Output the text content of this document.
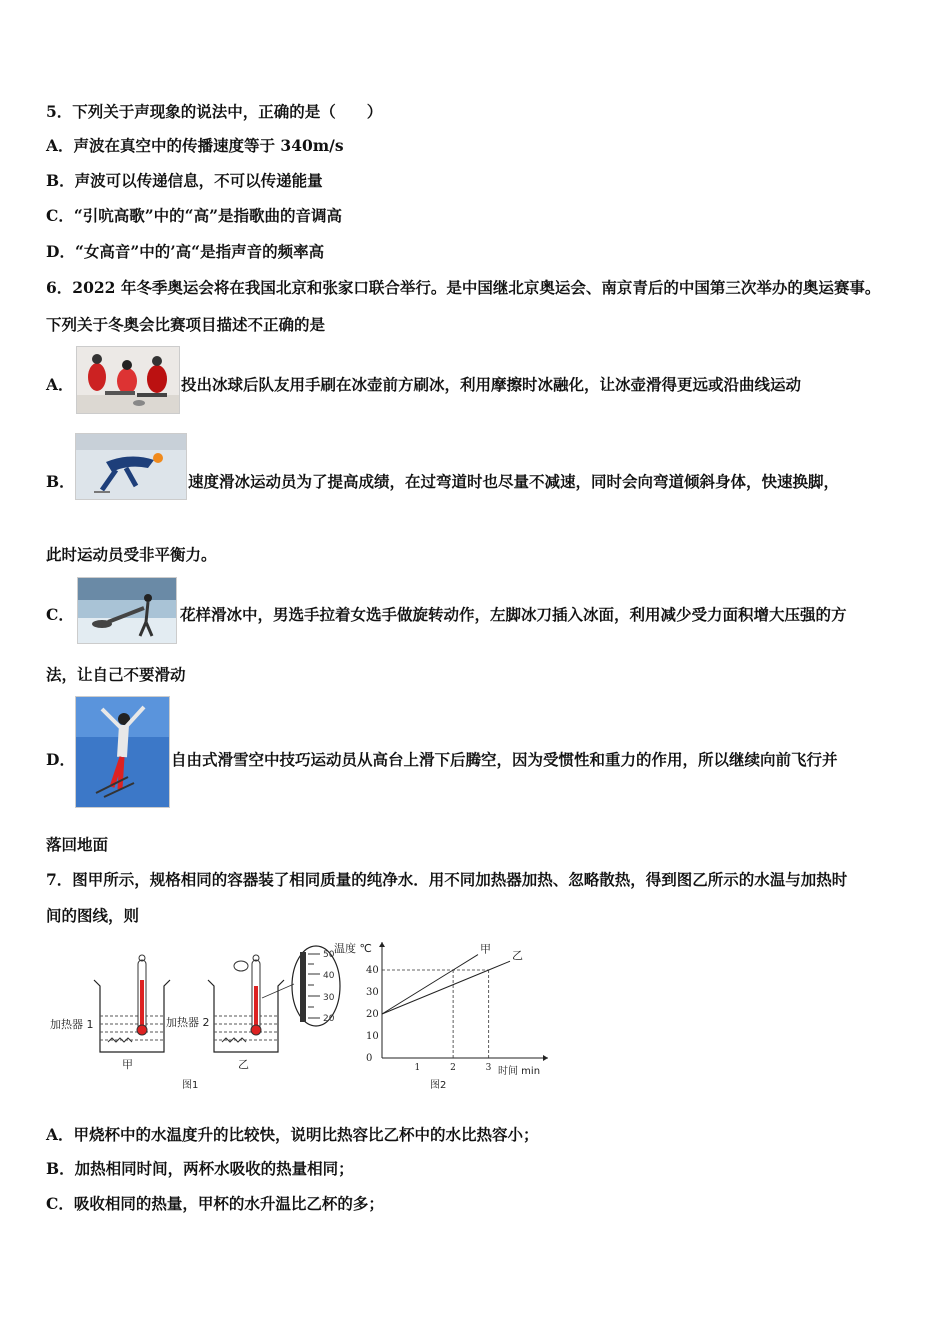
5．下列关于声现象的说法中，正确的是（　　）
A．声波在真空中的传播速度等于 340m/s
B．声波可以传递信息，不可以传递能量
C．“引吭高歌”中的“高”是指歌曲的音调高
D．“女高音”中的’高“是指声音的频率高
6．2022 年冬季奥运会将在我国北京和张家口联合举行。是中国继北京奥运会、南京青后的中国第三次举办的奥运赛事。
下列关于冬奥会比赛项目描述不正确的是
A．	投出冰球后队友用手刷在冰壶前方刷冰，利用摩擦时冰融化，让冰壶滑得更远或沿曲线运动
B．	速度滑冰运动员为了提高成绩，在过弯道时也尽量不减速，同时会向弯道倾斜身体，快速换脚，
此时运动员受非平衡力。
C．	花样滑冰中，男选手拉着女选手做旋转动作，左脚冰刀插入冰面，利用减少受力面积增大压强的方
法，让自己不要滑动
D．	自由式滑雪空中技巧运动员从高台上滑下后腾空，因为受惯性和重力的作用，所以继续向前飞行并
落回地面
7．图甲所示，规格相同的容器装了相同质量的纯净水．用不同加热器加热、忽略散热，得到图乙所示的水温与加热时
间的图线，则
50
40
30
20
加热器 1	加热器 2
甲	乙
图1
1	2	3
0
10
20
30
40
甲
乙
温度 ℃
时间 min
图2
A．甲烧杯中的水温度升的比较快，说明比热容比乙杯中的水比热容小；
B．加热相同时间，两杯水吸收的热量相同；
C．吸收相同的热量，甲杯的水升温比乙杯的多；
